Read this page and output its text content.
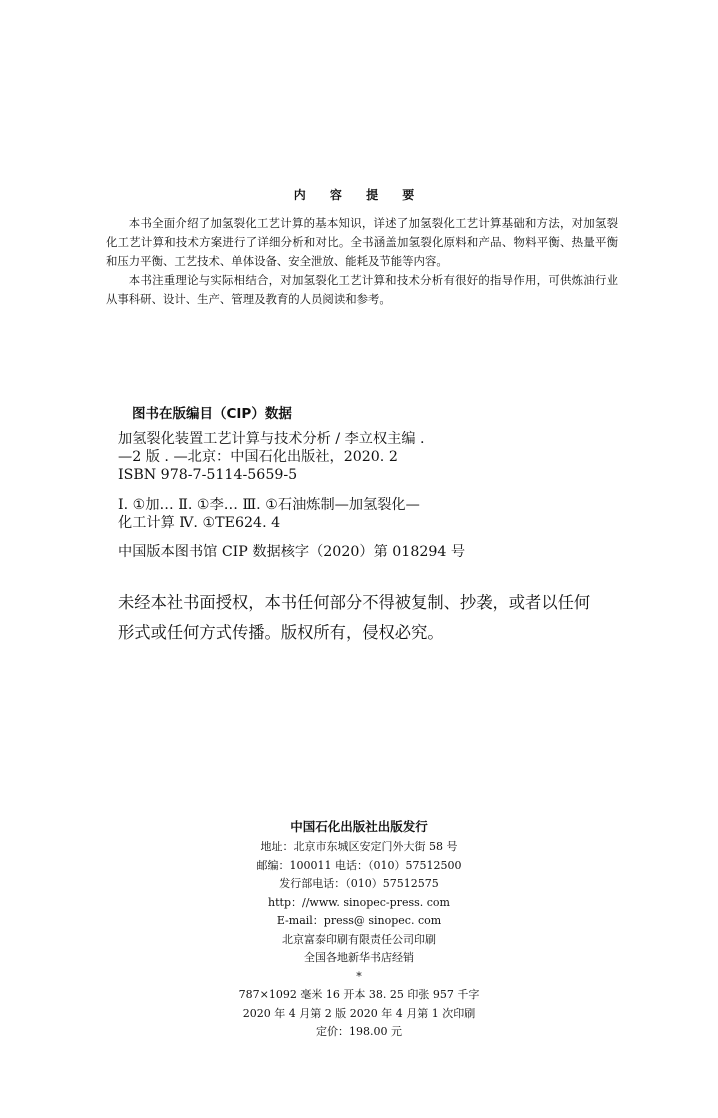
内 容 提 要

本书全面介绍了加氢裂化工艺计算的基本知识，详述了加氢裂化工艺计算基础和方法，对加氢裂化工艺计算和技术方案进行了详细分析和对比。全书涵盖加氢裂化原料和产品、物料平衡、热量平衡和压力平衡、工艺技术、单体设备、安全泄放、能耗及节能等内容。

本书注重理论与实际相结合，对加氢裂化工艺计算和技术分析有很好的指导作用，可供炼油行业从事科研、设计、生产、管理及教育的人员阅读和参考。

图书在版编目（CIP）数据
加氢裂化装置工艺计算与技术分析 / 李立权主编 .
—2 版 . —北京：中国石化出版社，2020. 2
ISBN 978-7-5114-5659-5
Ⅰ. ①加… Ⅱ. ①李… Ⅲ. ①石油炼制—加氢裂化—
化工计算 Ⅳ. ①TE624. 4
中国版本图书馆 CIP 数据核字（2020）第 018294 号
未经本社书面授权，本书任何部分不得被复制、抄袭，或者以任何
形式或任何方式传播。版权所有，侵权必究。
中国石化出版社出版发行
地址：北京市东城区安定门外大街 58 号
邮编：100011 电话：（010）57512500
发行部电话：（010）57512575
http：//www. sinopec-press. com
E-mail：press@ sinopec. com
北京富泰印刷有限责任公司印刷
全国各地新华书店经销
*
787×1092 毫米 16 开本 38. 25 印张 957 千字
2020 年 4 月第 2 版 2020 年 4 月第 1 次印刷
定价：198.00 元
